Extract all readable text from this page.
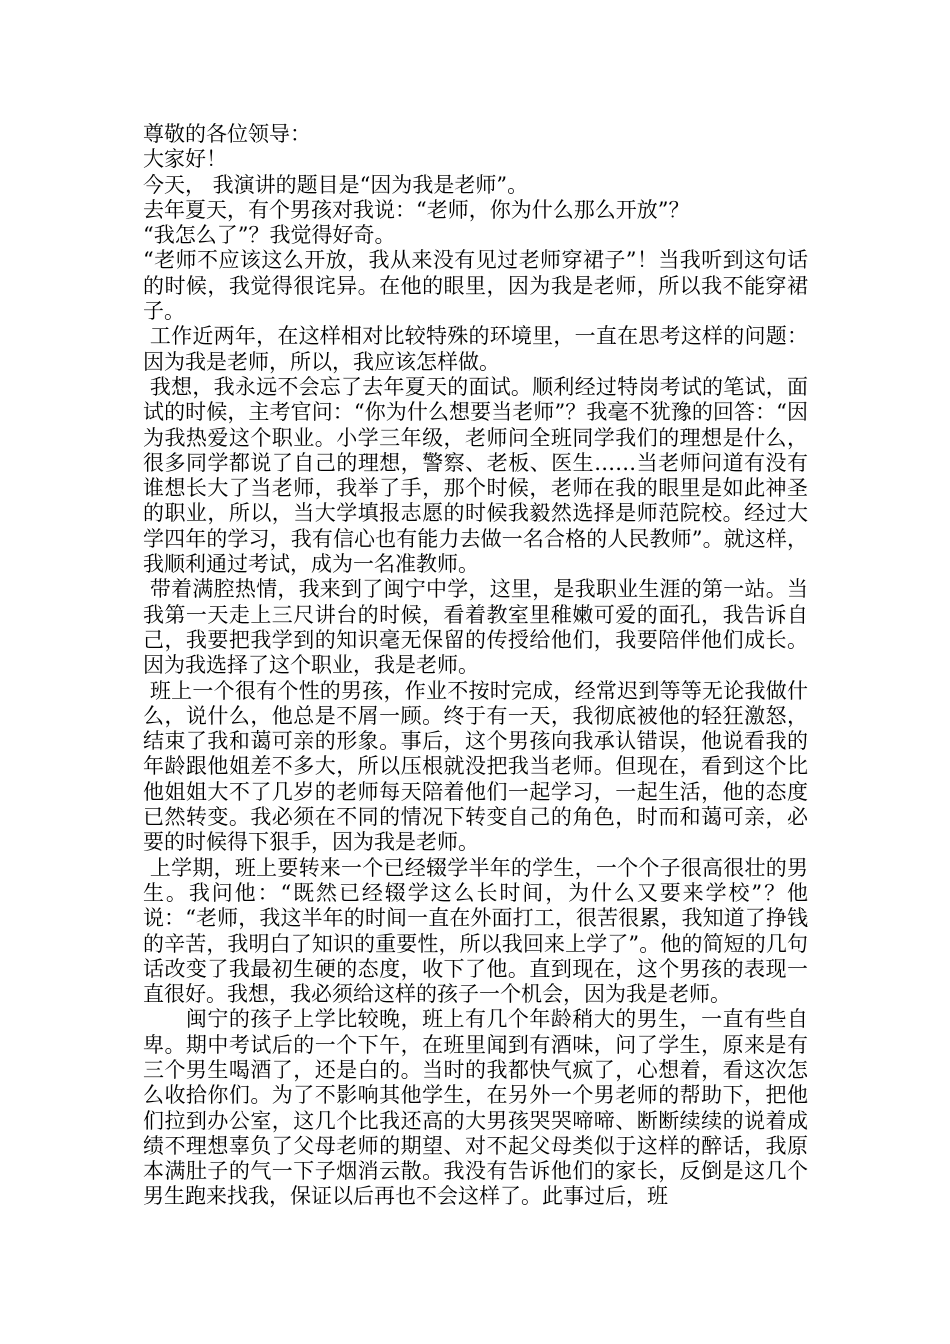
尊敬的各位领导：

大家好！

今天， 我演讲的题目是“因为我是老师”。

去年夏天，有个男孩对我说：“老师，你为什么那么开放”？

“我怎么了”？我觉得好奇。

“老师不应该这么开放，我从来没有见过老师穿裙子”！当我听到这句话的时候，我觉得很诧异。在他的眼里，因为我是老师，所以我不能穿裙子。

工作近两年，在这样相对比较特殊的环境里，一直在思考这样的问题：因为我是老师，所以，我应该怎样做。

我想，我永远不会忘了去年夏天的面试。顺利经过特岗考试的笔试，面试的时候，主考官问：“你为什么想要当老师”？我毫不犹豫的回答：“因为我热爱这个职业。小学三年级，老师问全班同学我们的理想是什么，很多同学都说了自己的理想，警察、老板、医生……当老师问道有没有谁想长大了当老师，我举了手，那个时候，老师在我的眼里是如此神圣的职业，所以，当大学填报志愿的时候我毅然选择是师范院校。经过大学四年的学习，我有信心也有能力去做一名合格的人民教师”。就这样，我顺利通过考试，成为一名准教师。

带着满腔热情，我来到了闽宁中学，这里，是我职业生涯的第一站。当我第一天走上三尺讲台的时候，看着教室里稚嫩可爱的面孔，我告诉自己，我要把我学到的知识毫无保留的传授给他们，我要陪伴他们成长。因为我选择了这个职业，我是老师。

班上一个很有个性的男孩，作业不按时完成，经常迟到等等无论我做什么，说什么，他总是不屑一顾。终于有一天，我彻底被他的轻狂激怒，结束了我和蔼可亲的形象。事后，这个男孩向我承认错误，他说看我的年龄跟他姐差不多大，所以压根就没把我当老师。但现在，看到这个比他姐姐大不了几岁的老师每天陪着他们一起学习，一起生活，他的态度已然转变。我必须在不同的情况下转变自己的角色，时而和蔼可亲，必要的时候得下狠手，因为我是老师。

上学期，班上要转来一个已经辍学半年的学生，一个个子很高很壮的男生。我问他：“既然已经辍学这么长时间，为什么又要来学校”？他说：“老师，我这半年的时间一直在外面打工，很苦很累，我知道了挣钱的辛苦，我明白了知识的重要性，所以我回来上学了”。他的简短的几句话改变了我最初生硬的态度，收下了他。直到现在，这个男孩的表现一直很好。我想，我必须给这样的孩子一个机会，因为我是老师。

　　闽宁的孩子上学比较晚，班上有几个年龄稍大的男生，一直有些自卑。期中考试后的一个下午，在班里闻到有酒味，问了学生，原来是有三个男生喝酒了，还是白的。当时的我都快气疯了，心想着，看这次怎么收拾你们。为了不影响其他学生，在另外一个男老师的帮助下，把他们拉到办公室，这几个比我还高的大男孩哭哭啼啼、断断续续的说着成绩不理想辜负了父母老师的期望、对不起父母类似于这样的醉话，我原本满肚子的气一下子烟消云散。我没有告诉他们的家长，反倒是这几个男生跑来找我，保证以后再也不会这样了。此事过后，班
